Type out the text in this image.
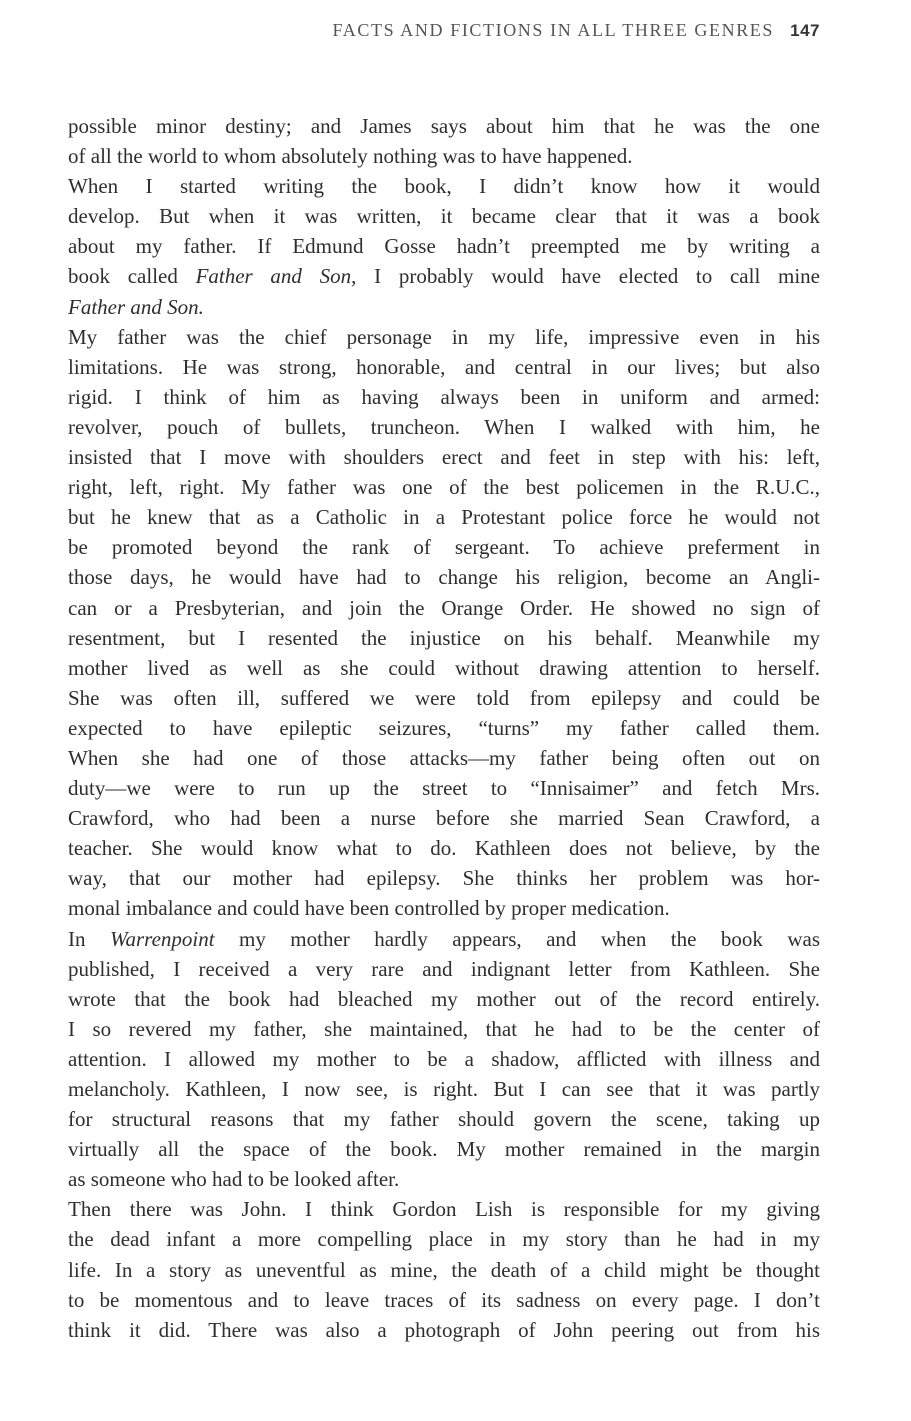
FACTS AND FICTIONS IN ALL THREE GENRES 147
possible minor destiny; and James says about him that he was the one
of all the world to whom absolutely nothing was to have happened.
When I started writing the book, I didn’t know how it would
develop. But when it was written, it became clear that it was a book
about my father. If Edmund Gosse hadn’t preempted me by writing a
book called Father and Son, I probably would have elected to call mine
Father and Son.
My father was the chief personage in my life, impressive even in his
limitations. He was strong, honorable, and central in our lives; but also
rigid. I think of him as having always been in uniform and armed:
revolver, pouch of bullets, truncheon. When I walked with him, he
insisted that I move with shoulders erect and feet in step with his: left,
right, left, right. My father was one of the best policemen in the R.U.C.,
but he knew that as a Catholic in a Protestant police force he would not
be promoted beyond the rank of sergeant. To achieve preferment in
those days, he would have had to change his religion, become an Angli-
can or a Presbyterian, and join the Orange Order. He showed no sign of
resentment, but I resented the injustice on his behalf. Meanwhile my
mother lived as well as she could without drawing attention to herself.
She was often ill, suffered we were told from epilepsy and could be
expected to have epileptic seizures, “turns” my father called them.
When she had one of those attacks—my father being often out on
duty—we were to run up the street to “Innisaimer” and fetch Mrs.
Crawford, who had been a nurse before she married Sean Crawford, a
teacher. She would know what to do. Kathleen does not believe, by the
way, that our mother had epilepsy. She thinks her problem was hor-
monal imbalance and could have been controlled by proper medication.
In Warrenpoint my mother hardly appears, and when the book was
published, I received a very rare and indignant letter from Kathleen. She
wrote that the book had bleached my mother out of the record entirely.
I so revered my father, she maintained, that he had to be the center of
attention. I allowed my mother to be a shadow, afflicted with illness and
melancholy. Kathleen, I now see, is right. But I can see that it was partly
for structural reasons that my father should govern the scene, taking up
virtually all the space of the book. My mother remained in the margin
as someone who had to be looked after.
Then there was John. I think Gordon Lish is responsible for my giving
the dead infant a more compelling place in my story than he had in my
life. In a story as uneventful as mine, the death of a child might be thought
to be momentous and to leave traces of its sadness on every page. I don’t
think it did. There was also a photograph of John peering out from his
